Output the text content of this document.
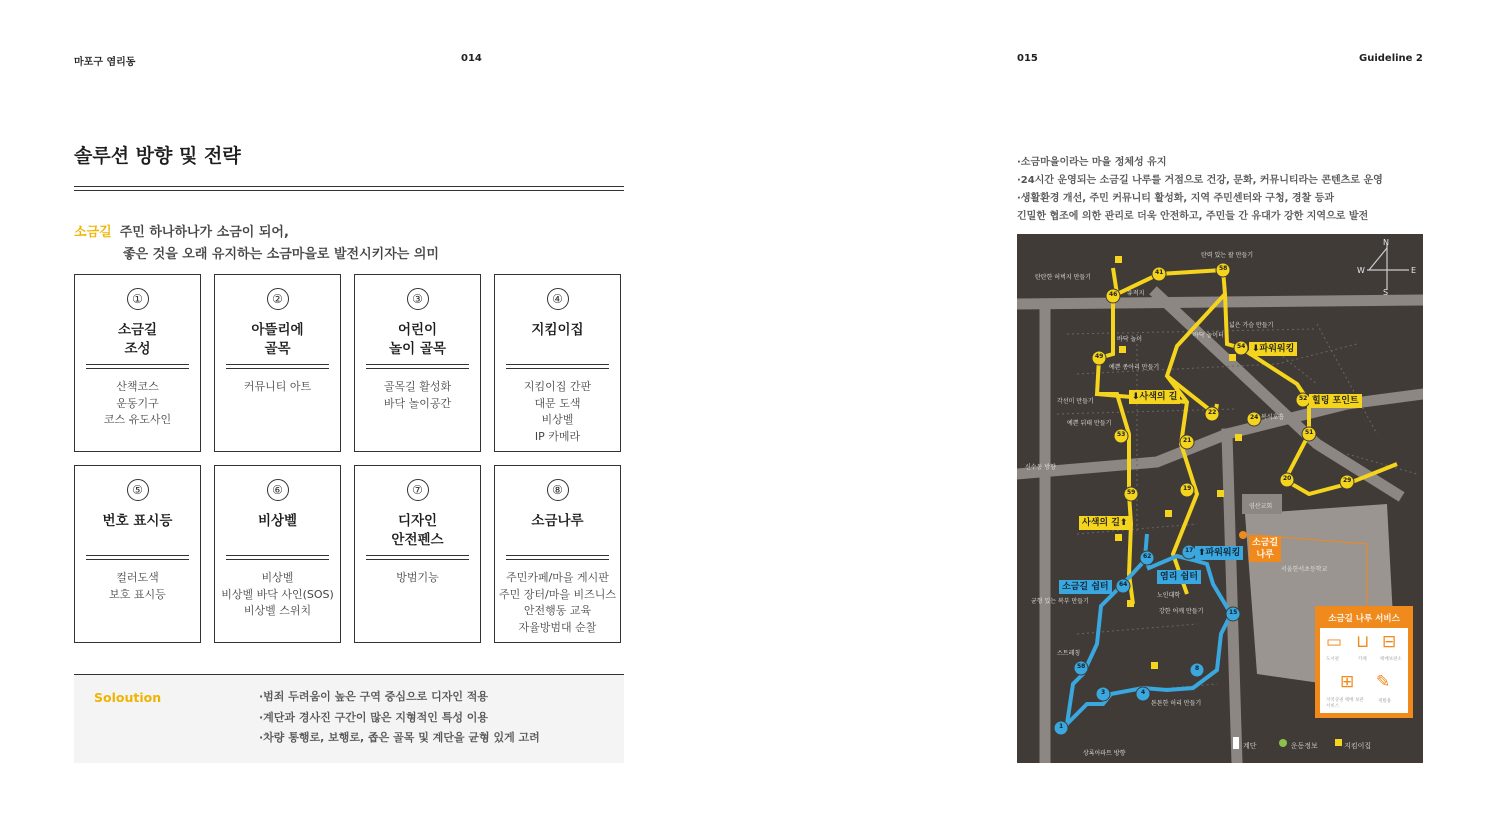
마포구 염리동	014	015	Guideline 2
솔루션 방향 및 전략
소금길 주민 하나하나가 소금이 되어,
좋은 것을 오래 유지하는 소금마을로 발전시키자는 의미
①
소금길
조성
산책코스
운동기구
코스 유도사인
②
아뜰리에
골목
커뮤니티 아트
③
어린이
놀이 골목
골목길 활성화
바닥 놀이공간
④
지킴이집
지킴이집 간판
대문 도색
비상벨
IP 카메라
⑤
번호 표시등
컬러도색
보호 표시등
⑥
비상벨
비상벨
비상벨 바닥 사인(SOS)
비상벨 스위치
⑦
디자인
안전펜스
방범기능
⑧
소금나루
주민카페/마을 게시판
주민 장터/마을 비즈니스
안전행동 교육
자율방범대 순찰
Soloution	·범죄 두려움이 높은 구역 중심으로 디자인 적용
·계단과 경사진 구간이 많은 지형적인 특성 이용
·차량 통행로, 보행로, 좁은 골목 및 계단을 균형 있게 고려
·소금마을이라는 마을 정체성 유지
·24시간 운영되는 소금길 나루를 거점으로 건강, 문화, 커뮤니티라는 콘텐츠로 운영
·생활환경 개선, 주민 커뮤니티 활성화, 지역 주민센터와 구청, 경찰 등과
긴밀한 협조에 의한 관리로 더욱 안전하고, 주민들 간 유대가 강한 지역으로 발전
41
58
46
49
54
52
22
24
53
21
51
19
20	29
59
62
17
64
15
58	8
3	4
1
⬇파워워킹
⬇사색의 길	힐링 포인트
사색의 길⬆
⬆파워워킹
소금길
나루
염리 쉼터
소금길 쉼터
염산교회
서울한서초등학교
탄탄한 허벅지 만들기
탄력 있는 팔 만들기
넓은 가슴 만들기
바닥 놀이터
바닥 놀이
예쁜 종아리 만들기
각선미 만들기
예쁜 뒤태 만들기
복식호흡
튼튼한 허리 만들기
스트레칭
강한 어깨 만들기
균형 있는 복부 만들기
상록아파트 방향
신수동 방향
유적지
노인대학
N
W	E
S
소금길 나루 서비스
▭ ⊔ ⊟
도서관	카페	택배보관소
⊞ ✎
지역상권 택배 보관 서비스
재활용
계단	운동정보	지킴이집
